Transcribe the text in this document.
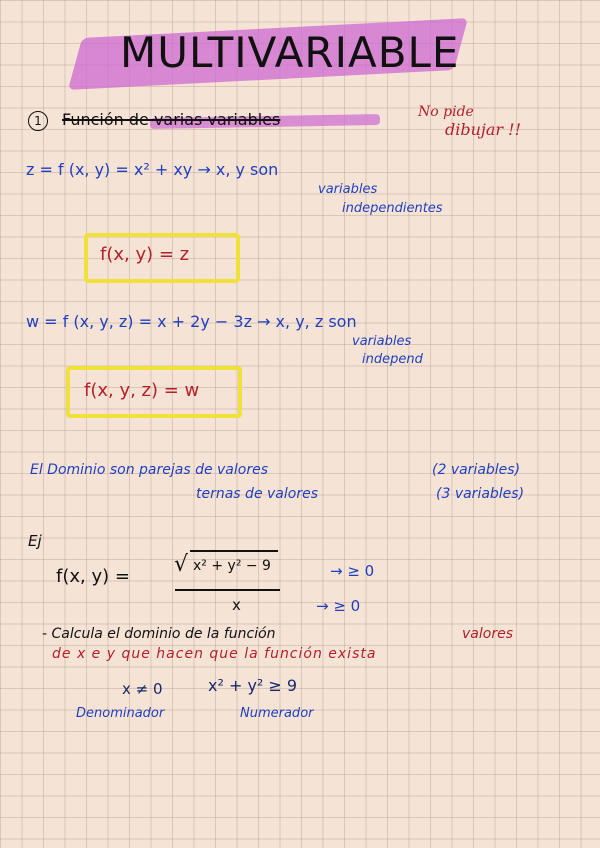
MULTIVARIABLE
1	Función de varias variables	No pide
dibujar !!
z = f (x, y) = x² + xy → x, y son
variables
independientes
f(x, y) = z
w = f (x, y, z) = x + 2y − 3z → x, y, z son
variables
independ
f(x, y, z) = w
El Dominio son parejas de valores	(2 variables)
ternas de valores	(3 variables)
Ej
f(x, y) = √ x² + y² − 9
x
→ ≥ 0
→ ≥ 0
- Calcula el dominio de la función	valores
de x e y que hacen que la función exista
x ≠ 0	x² + y² ≥ 9
Denominador	Numerador
